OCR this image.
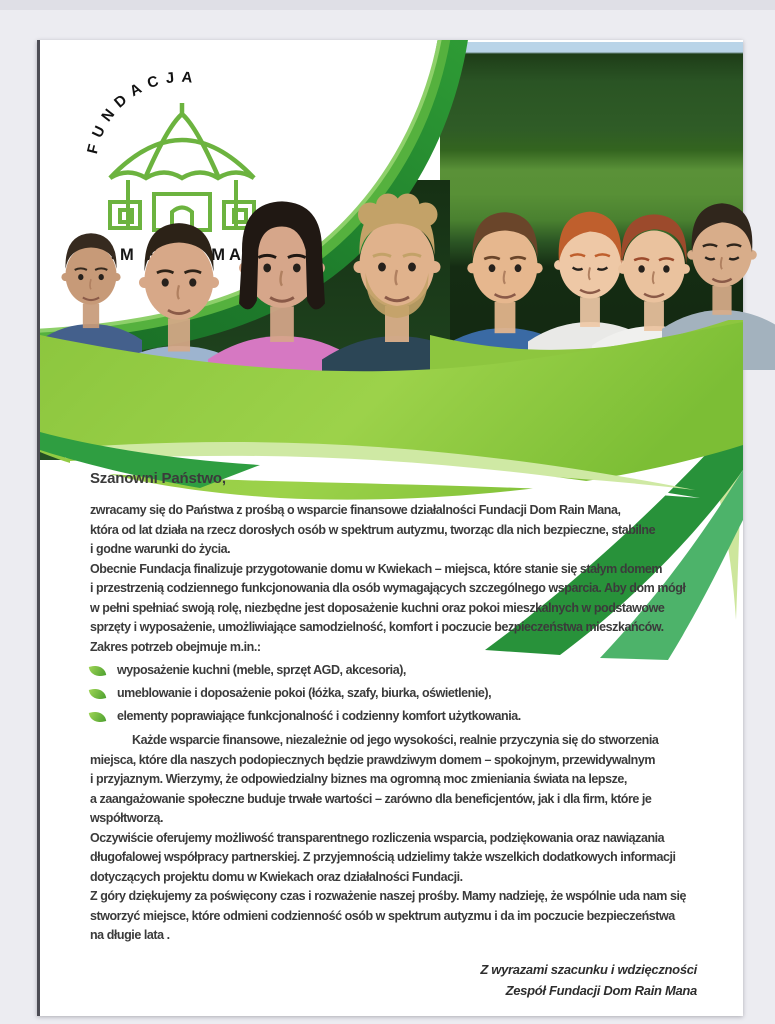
FUNDACJA
Szanowni Państwo,
zwracamy się do Państwa z prośbą o wsparcie finansowe działalności Fundacji Dom Rain Mana,
która od lat działa na rzecz dorosłych osób w spektrum autyzmu, tworząc dla nich bezpieczne, stabilne
i godne warunki do życia.
Obecnie Fundacja finalizuje przygotowanie domu w Kwiekach – miejsca, które stanie się stałym domem
i przestrzenią codziennego funkcjonowania dla osób wymagających szczególnego wsparcia. Aby dom mógł
w pełni spełniać swoją rolę, niezbędne jest doposażenie kuchni oraz pokoi mieszkalnych w podstawowe
sprzęty i wyposażenie, umożliwiające samodzielność, komfort i poczucie bezpieczeństwa mieszkańców.
Zakres potrzeb obejmuje m.in.:
wyposażenie kuchni (meble, sprzęt AGD, akcesoria),
umeblowanie i doposażenie pokoi (łóżka, szafy, biurka, oświetlenie),
elementy poprawiające funkcjonalność i codzienny komfort użytkowania.
Każde wsparcie finansowe, niezależnie od jego wysokości, realnie przyczynia się do stworzenia
miejsca, które dla naszych podopiecznych będzie prawdziwym domem – spokojnym, przewidywalnym
i przyjaznym. Wierzymy, że odpowiedzialny biznes ma ogromną moc zmieniania świata na lepsze,
a zaangażowanie społeczne buduje trwałe wartości – zarówno dla beneficjentów, jak i dla firm, które je
współtworzą.
Oczywiście oferujemy możliwość transparentnego rozliczenia wsparcia, podziękowania oraz nawiązania
długofalowej współpracy partnerskiej. Z przyjemnością udzielimy także wszelkich dodatkowych informacji
dotyczących projektu domu w Kwiekach oraz działalności Fundacji.
Z góry dziękujemy za poświęcony czas i rozważenie naszej prośby. Mamy nadzieję, że wspólnie uda nam się
stworzyć miejsce, które odmieni codzienność osób w spektrum autyzmu i da im poczucie bezpieczeństwa
na długie lata .
Z wyrazami szacunku i wdzięczności
Zespół Fundacji Dom Rain Mana
